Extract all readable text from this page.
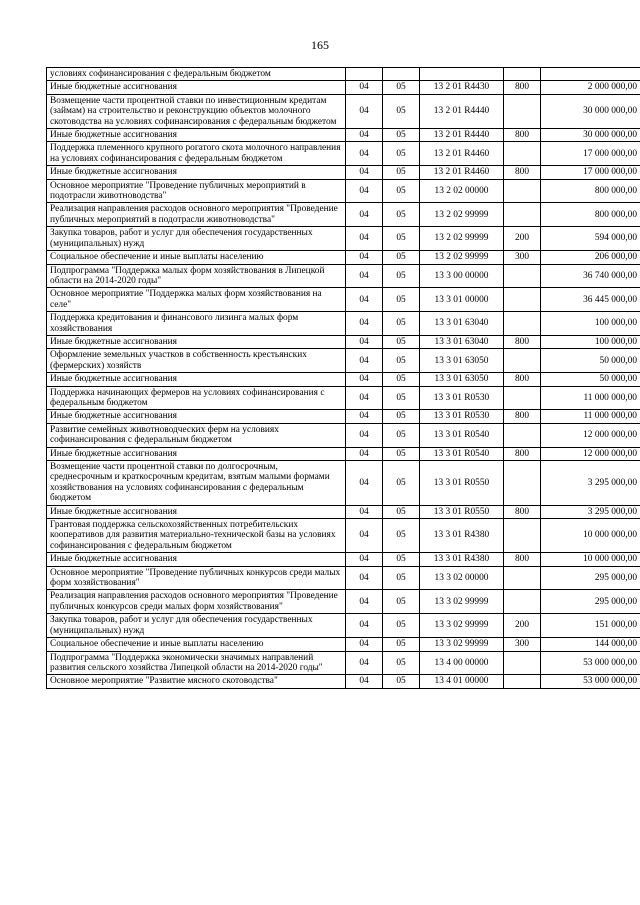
165
условиях софинансирования с федеральным бюджетом					
Иные бюджетные ассигнования	04	05	13 2 01 R4430	800	2 000 000,00
Возмещение части процентной ставки по инвестиционным кредитам (займам) на строительство и реконструкцию объектов молочного скотоводства на условиях софинансирования с федеральным бюджетом	04	05	13 2 01 R4440		30 000 000,00
Иные бюджетные ассигнования	04	05	13 2 01 R4440	800	30 000 000,00
Поддержка племенного крупного рогатого скота молочного направления на условиях софинансирования с федеральным бюджетом	04	05	13 2 01 R4460		17 000 000,00
Иные бюджетные ассигнования	04	05	13 2 01 R4460	800	17 000 000,00
Основное мероприятие "Проведение публичных мероприятий в подотрасли животноводства"	04	05	13 2 02 00000		800 000,00
Реализация направления расходов основного мероприятия "Проведение публичных мероприятий в подотрасли животноводства"	04	05	13 2 02 99999		800 000,00
Закупка товаров, работ и услуг для обеспечения государственных (муниципальных) нужд	04	05	13 2 02 99999	200	594 000,00
Социальное обеспечение и иные выплаты населению	04	05	13 2 02 99999	300	206 000,00
Подпрограмма "Поддержка малых форм хозяйствования в Липецкой области на 2014-2020 годы"	04	05	13 3 00 00000		36 740 000,00
Основное мероприятие "Поддержка малых форм хозяйствования на селе"	04	05	13 3 01 00000		36 445 000,00
Поддержка кредитования и финансового лизинга малых форм хозяйствования	04	05	13 3 01 63040		100 000,00
Иные бюджетные ассигнования	04	05	13 3 01 63040	800	100 000,00
Оформление земельных участков в собственность крестьянских (фермерских) хозяйств	04	05	13 3 01 63050		50 000,00
Иные бюджетные ассигнования	04	05	13 3 01 63050	800	50 000,00
Поддержка начинающих фермеров на условиях софинансирования с федеральным бюджетом	04	05	13 3 01 R0530		11 000 000,00
Иные бюджетные ассигнования	04	05	13 3 01 R0530	800	11 000 000,00
Развитие семейных животноводческих ферм на условиях софинансирования с федеральным бюджетом	04	05	13 3 01 R0540		12 000 000,00
Иные бюджетные ассигнования	04	05	13 3 01 R0540	800	12 000 000,00
Возмещение части процентной ставки по долгосрочным, среднесрочным и краткосрочным кредитам, взятым малыми формами хозяйствования на условиях софинансирования с федеральным бюджетом	04	05	13 3 01 R0550		3 295 000,00
Иные бюджетные ассигнования	04	05	13 3 01 R0550	800	3 295 000,00
Грантовая поддержка сельскохозяйственных потребительских кооперативов для развития материально-технической базы на условиях софинансирования с федеральным бюджетом	04	05	13 3 01 R4380		10 000 000,00
Иные бюджетные ассигнования	04	05	13 3 01 R4380	800	10 000 000,00
Основное мероприятие "Проведение публичных конкурсов среди малых форм хозяйствования"	04	05	13 3 02 00000		295 000,00
Реализация направления расходов основного мероприятия "Проведение публичных конкурсов среди малых форм хозяйствования"	04	05	13 3 02 99999		295 000,00
Закупка товаров, работ и услуг для обеспечения государственных (муниципальных) нужд	04	05	13 3 02 99999	200	151 000,00
Социальное обеспечение и иные выплаты населению	04	05	13 3 02 99999	300	144 000,00
Подпрограмма "Поддержка экономически значимых направлений развития сельского хозяйства Липецкой области на 2014-2020 годы"	04	05	13 4 00 00000		53 000 000,00
Основное мероприятие "Развитие мясного скотоводства"	04	05	13 4 01 00000		53 000 000,00
